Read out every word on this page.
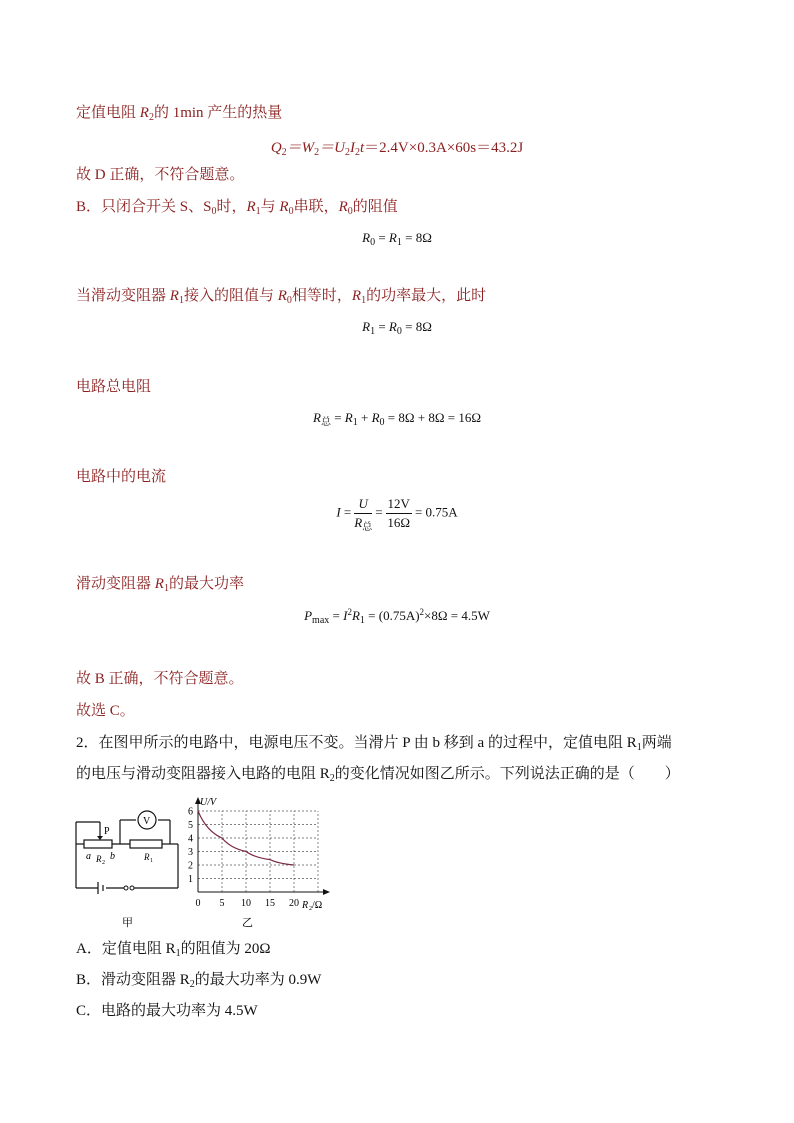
定值电阻 $R_2$的 1min 产生的热量
$Q_2=W_2=U_2I_2t=2.4V\times 0.3A\times 60s=43.2J$
故 D 正确，不符合题意。
B．只闭合开关 S、$S_0$时，$R_1$与 $R_0$串联，$R_0$的阻值
$R_0 = R_1 = 8\Omega$
当滑动变阻器 $R_1$接入的阻值与 $R_0$相等时，$R_1$的功率最大，此时
$R_1 = R_0 = 8\Omega$
电路总电阻
$R_总 = R_1 + R_0 = 8\Omega + 8\Omega = 16\Omega$
电路中的电流
$I = \frac{U}{R_总} = \frac{12V}{16\Omega} = 0.75A$
滑动变阻器 $R_1$的最大功率
$P_{max} = I^2R_1 = (0.75A)^2\times 8\Omega = 4.5W$
故 B 正确，不符合题意。
故选 C。
2．在图甲所示的电路中，电源电压不变。当滑片 P 由 b 移到 a 的过程中，定值电阻 $R_1$两端
的电压与滑动变阻器接入电路的电阻 $R_2$的变化情况如图乙所示。下列说法正确的是（　　）
P
V
a R 2
b	R 1
甲
1
2
3
4
5
6
0 5 10 15 20
U/V
R 2 /Ω
乙
A．定值电阻 $R_1$的阻值为 20Ω
B．滑动变阻器 $R_2$的最大功率为 0.9W
C．电路的最大功率为 4.5W
